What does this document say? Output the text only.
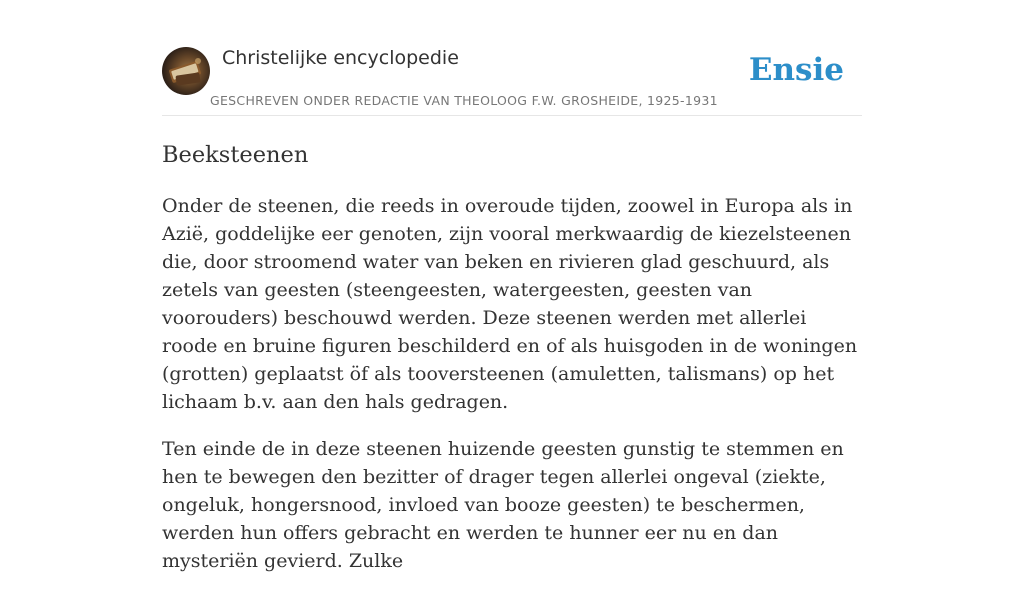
Christelijke encyclopedie
GESCHREVEN ONDER REDACTIE VAN THEOLOOG F.W. GROSHEIDE, 1925-1931
Ensie
Beeksteenen

Onder de steenen, die reeds in overoude tijden, zoowel in Europa als in Azië, goddelijke eer genoten, zijn vooral merkwaardig de kiezelsteenen die, door stroomend water van beken en rivieren glad geschuurd, als zetels van geesten (steengeesten, watergeesten, geesten van voorouders) beschouwd werden. Deze steenen werden met allerlei roode en bruine figuren beschilderd en of als huisgoden in de woningen (grotten) geplaatst öf als tooversteenen (amuletten, talismans) op het lichaam b.v. aan den hals gedragen.

Ten einde de in deze steenen huizende geesten gunstig te stemmen en hen te bewegen den bezitter of drager tegen allerlei ongeval (ziekte, ongeluk, hongersnood, invloed van booze geesten) te beschermen, werden hun offers gebracht en werden te hunner eer nu en dan mysteriën gevierd. Zulke
